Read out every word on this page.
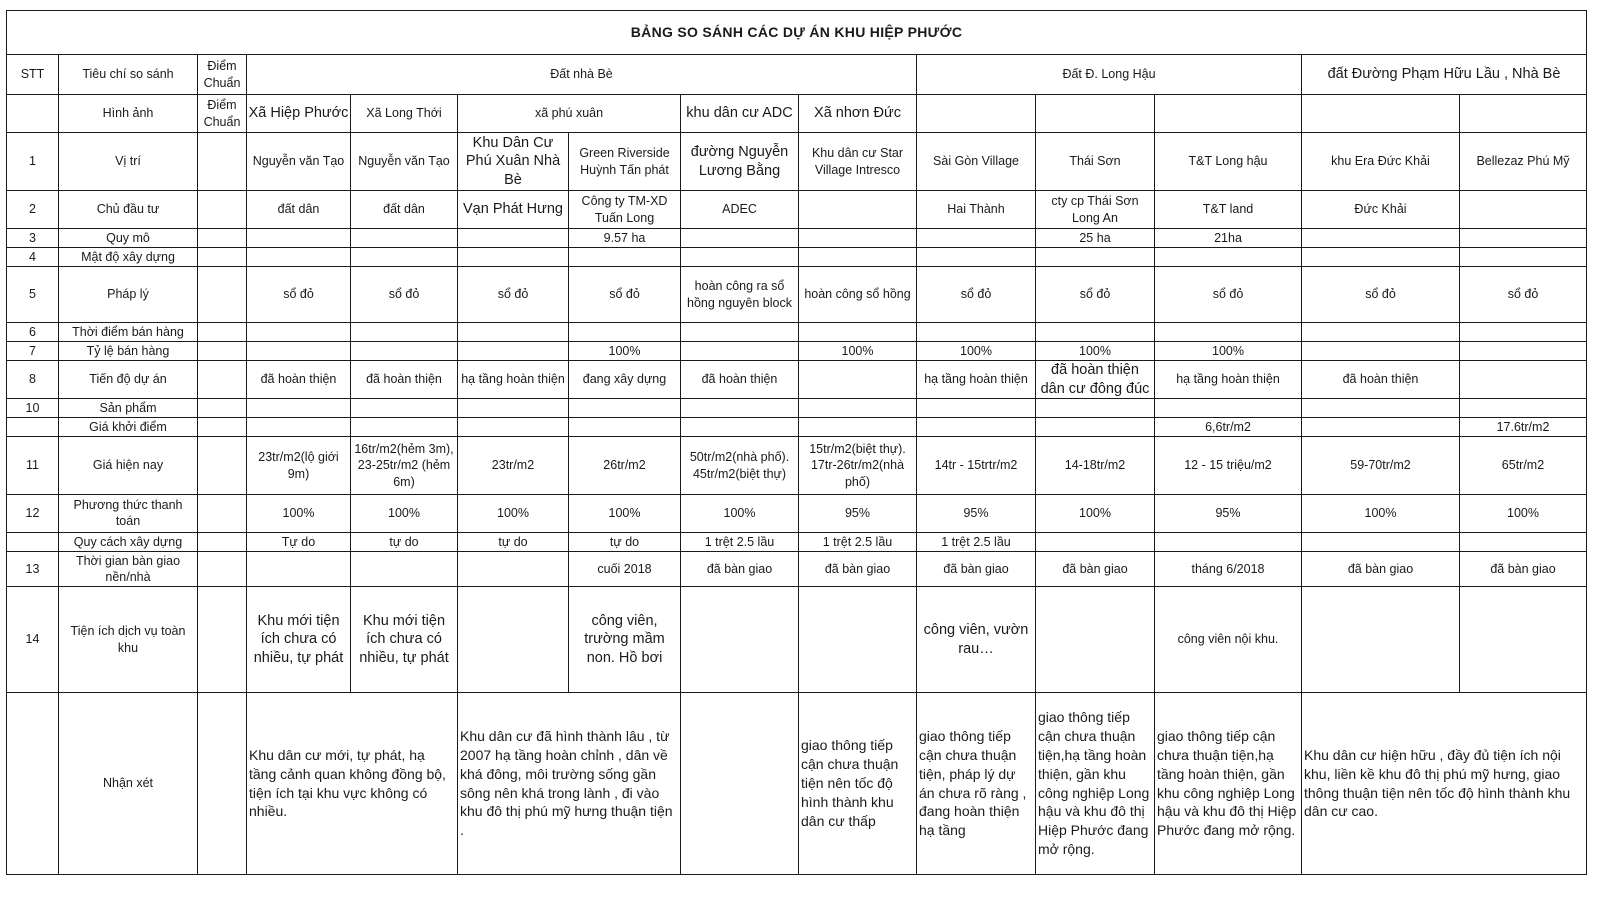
BẢNG SO SÁNH CÁC DỰ ÁN KHU HIỆP PHƯỚC													
STT	Tiêu chí so sánh	Điểm Chuẩn	Đất nhà Bè						Đất Đ. Long Hậu			đất Đường Phạm Hữu Lầu , Nhà Bè	
	Hình ảnh	Điểm Chuẩn	Xã Hiệp Phước	Xã Long Thới	xã phú xuân		khu dân cư ADC	Xã nhơn Đức					
1	Vị trí		Nguyễn văn Tạo	Nguyễn văn Tạo	Khu Dân Cư Phú Xuân Nhà Bè	Green Riverside Huỳnh Tấn phát	đường Nguyễn Lương Bằng	Khu dân cư Star Village Intresco	Sài Gòn Village	Thái Sơn	T&T Long hậu	khu Era Đức Khải	Bellezaz Phú Mỹ
2	Chủ đầu tư		đất dân	đất dân	Vạn Phát Hưng	Công ty TM-XD Tuấn Long	ADEC		Hai Thành	cty cp Thái Sơn Long An	T&T land	Đức Khải	
3	Quy mô					9.57 ha				25 ha	21ha		
4	Mật độ xây dựng												
5	Pháp lý		sổ đỏ	sổ đỏ	sổ đỏ	sổ đỏ	hoàn công ra sổ hồng nguyên block	hoàn công sổ hồng	sổ đỏ	sổ đỏ	sổ đỏ	sổ đỏ	sổ đỏ
6	Thời điểm bán hàng												
7	Tỷ lệ bán hàng					100%		100%	100%	100%	100%		
8	Tiến độ dự án		đã hoàn thiện	đã hoàn thiện	hạ tầng hoàn thiện	đang xây dựng	đã hoàn thiện		hạ tầng hoàn thiện	đã hoàn thiện dân cư đông đúc	hạ tầng hoàn thiện	đã hoàn thiện	
10	Sản phẩm												
	Giá khởi điểm										6,6tr/m2		17.6tr/m2
11	Giá hiện nay		23tr/m2(lộ giới 9m)	16tr/m2(hẻm 3m), 23-25tr/m2 (hẻm 6m)	23tr/m2	26tr/m2	50tr/m2(nhà phố). 45tr/m2(biệt thự)	15tr/m2(biệt thự). 17tr-26tr/m2(nhà phố)	14tr - 15trtr/m2	14-18tr/m2	12 - 15 triệu/m2	59-70tr/m2	65tr/m2
12	Phương thức thanh toán		100%	100%	100%	100%	100%	95%	95%	100%	95%	100%	100%
	Quy cách xây dựng		Tự do	tự do	tự do	tự do	1 trệt 2.5 lầu	1 trệt 2.5 lầu	1 trệt 2.5 lầu				
13	Thời gian bàn giao nền/nhà					cuối 2018	đã bàn giao	đã bàn giao	đã bàn giao	đã bàn giao	tháng 6/2018	đã bàn giao	đã bàn giao
14	Tiện ích dịch vụ toàn khu		Khu mới tiện ích chưa có nhiều, tự phát	Khu mới tiện ích chưa có nhiều, tự phát		công viên, trường mầm non. Hồ bơi			công viên, vườn rau…		công viên nội khu.		
	Nhận xét		Khu dân cư mới, tự phát, hạ tầng cảnh quan không đồng bộ, tiện ích tại khu vực không có nhiều.		Khu dân cư đã hình thành lâu , từ 2007 hạ tầng hoàn chỉnh , dân về khá đông, môi trường sống gần sông nên khá trong lành , đi vào khu đô thị phú mỹ hưng thuận tiện .			giao thông tiếp cận chưa thuận tiện nên tốc độ hình thành khu dân cư thấp	giao thông tiếp cận chưa thuận tiện, pháp lý dự án chưa rõ ràng , đang hoàn thiện hạ tầng	giao thông tiếp cận chưa thuận tiện,hạ tầng hoàn thiện, gần khu công nghiệp Long hậu và khu đô thị Hiệp Phước đang mở rộng.	giao thông tiếp cận chưa thuận tiện,hạ tầng hoàn thiện, gần khu công nghiệp Long hậu và khu đô thị Hiệp Phước đang mở rộng.	Khu dân cư hiện hữu , đầy đủ tiện ích nội khu, liền kề khu đô thị phú mỹ hưng, giao thông thuận tiện nên tốc độ hình thành khu dân cư cao.	
